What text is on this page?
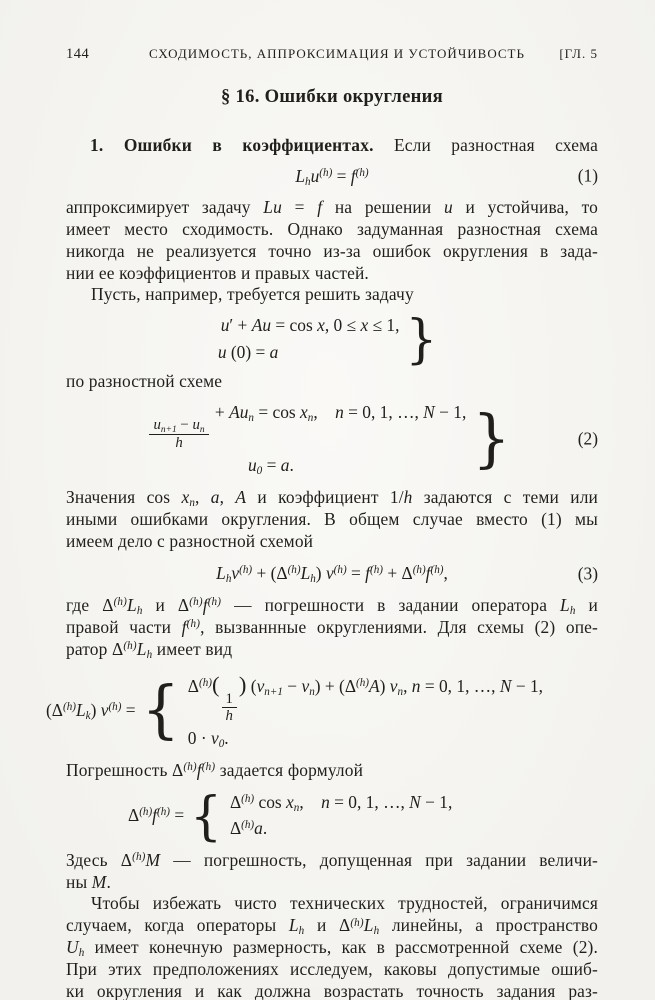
144	СХОДИМОСТЬ, АППРОКСИМАЦИЯ И УСТОЙЧИВОСТЬ	[ГЛ. 5
§ 16. Ошибки округления
1. Ошибки в коэффициентах. Если разностная схема
$Lhu^{(h)} = f^{(h)}$	(1)
аппроксимирует задачу Lu = f на решении u и устойчива, то
имеет место сходимость. Однако задуманная разностная схема
никогда не реализуется точно из-за ошибок округления в зада-
нии ее коэффициентов и правых частей.
Пусть, например, требуется решить задачу
u′ + Au = cos x, 0 ≤ x ≤ 1,
u (0) = a	}
по разностной схеме
$\frac{un+1 - un}{h}$
+ Aun = cos xn,  n = 0, 1, …, N − 1,
u0 = a.	}	(2)
Значения cos xn, a, A и коэффициент 1/h задаются с теми или
иными ошибками округления. В общем случае вместо (1) мы
имеем дело с разностной схемой
$Lhv^{(h)} + (\Delta^{(h)}Lh) v^{(h)} = f^{(h)} + \Delta^{(h)}f^{(h)}$,	(3)
где $\Delta^{(h)}Lh$ и $\Delta^{(h)}f^{(h)}$ — погрешности в задании оператора Lh и
правой части $f^{(h)}$, вызваннные округлениями. Для схемы (2) опе-
ратор $\Delta^{(h)}Lh$ имеет вид
$(\Delta^{(h)}Lk) v^{(h)}$ = { $\Delta^{(h)}$(
$\frac{1}{h}$
) $(vn+1 - vn) + (\Delta^{(h)}A)$ vn, n = 0, 1, …, N − 1,
0 · v0.
Погрешность $\Delta^{(h)}f^{(h)}$ задается формулой
$\Delta^{(h)}f^{(h)}$ = { $\Delta^{(h)}$ cos xn,  n = 0, 1, …, N − 1,
$\Delta^{(h)}a$.
Здесь $\Delta^{(h)}M$ — погрешность, допущенная при задании величи-
ны M.
Чтобы избежать чисто технических трудностей, ограничимся
случаем, когда операторы Lh и $\Delta^{(h)}Lh$ линейны, а пространство
Uh имеет конечную размерность, как в рассмотренной схеме (2).
При этих предположениях исследуем, каковы допустимые ошиб-
ки округления и как должна возрастать точность задания раз-
